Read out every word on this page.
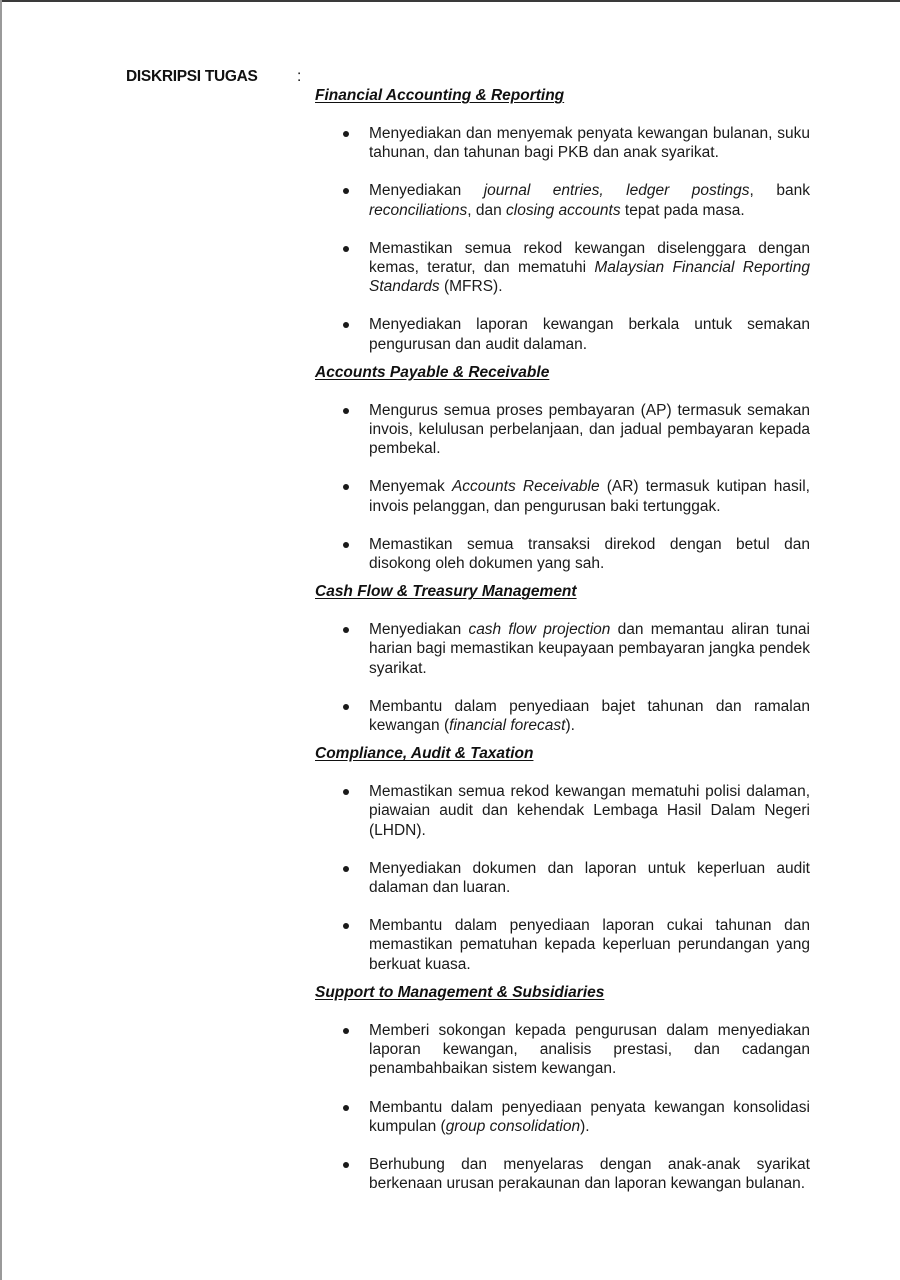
DISKRIPSI TUGAS	:
Financial Accounting & Reporting
Menyediakan dan menyemak penyata kewangan bulanan, suku tahunan, dan tahunan bagi PKB dan anak syarikat.
Menyediakan journal entries, ledger postings, bank reconciliations, dan closing accounts tepat pada masa.
Memastikan semua rekod kewangan diselenggara dengan kemas, teratur, dan mematuhi Malaysian Financial Reporting Standards (MFRS).
Menyediakan laporan kewangan berkala untuk semakan pengurusan dan audit dalaman.
Accounts Payable & Receivable
Mengurus semua proses pembayaran (AP) termasuk semakan invois, kelulusan perbelanjaan, dan jadual pembayaran kepada pembekal.
Menyemak Accounts Receivable (AR) termasuk kutipan hasil, invois pelanggan, dan pengurusan baki tertunggak.
Memastikan semua transaksi direkod dengan betul dan disokong oleh dokumen yang sah.
Cash Flow & Treasury Management
Menyediakan cash flow projection dan memantau aliran tunai harian bagi memastikan keupayaan pembayaran jangka pendek syarikat.
Membantu dalam penyediaan bajet tahunan dan ramalan kewangan (financial forecast).
Compliance, Audit & Taxation
Memastikan semua rekod kewangan mematuhi polisi dalaman, piawaian audit dan kehendak Lembaga Hasil Dalam Negeri (LHDN).
Menyediakan dokumen dan laporan untuk keperluan audit dalaman dan luaran.
Membantu dalam penyediaan laporan cukai tahunan dan memastikan pematuhan kepada keperluan perundangan yang berkuat kuasa.
Support to Management & Subsidiaries
Memberi sokongan kepada pengurusan dalam menyediakan laporan kewangan, analisis prestasi, dan cadangan penambahbaikan sistem kewangan.
Membantu dalam penyediaan penyata kewangan konsolidasi kumpulan (group consolidation).
Berhubung dan menyelaras dengan anak-anak syarikat berkenaan urusan perakaunan dan laporan kewangan bulanan.
